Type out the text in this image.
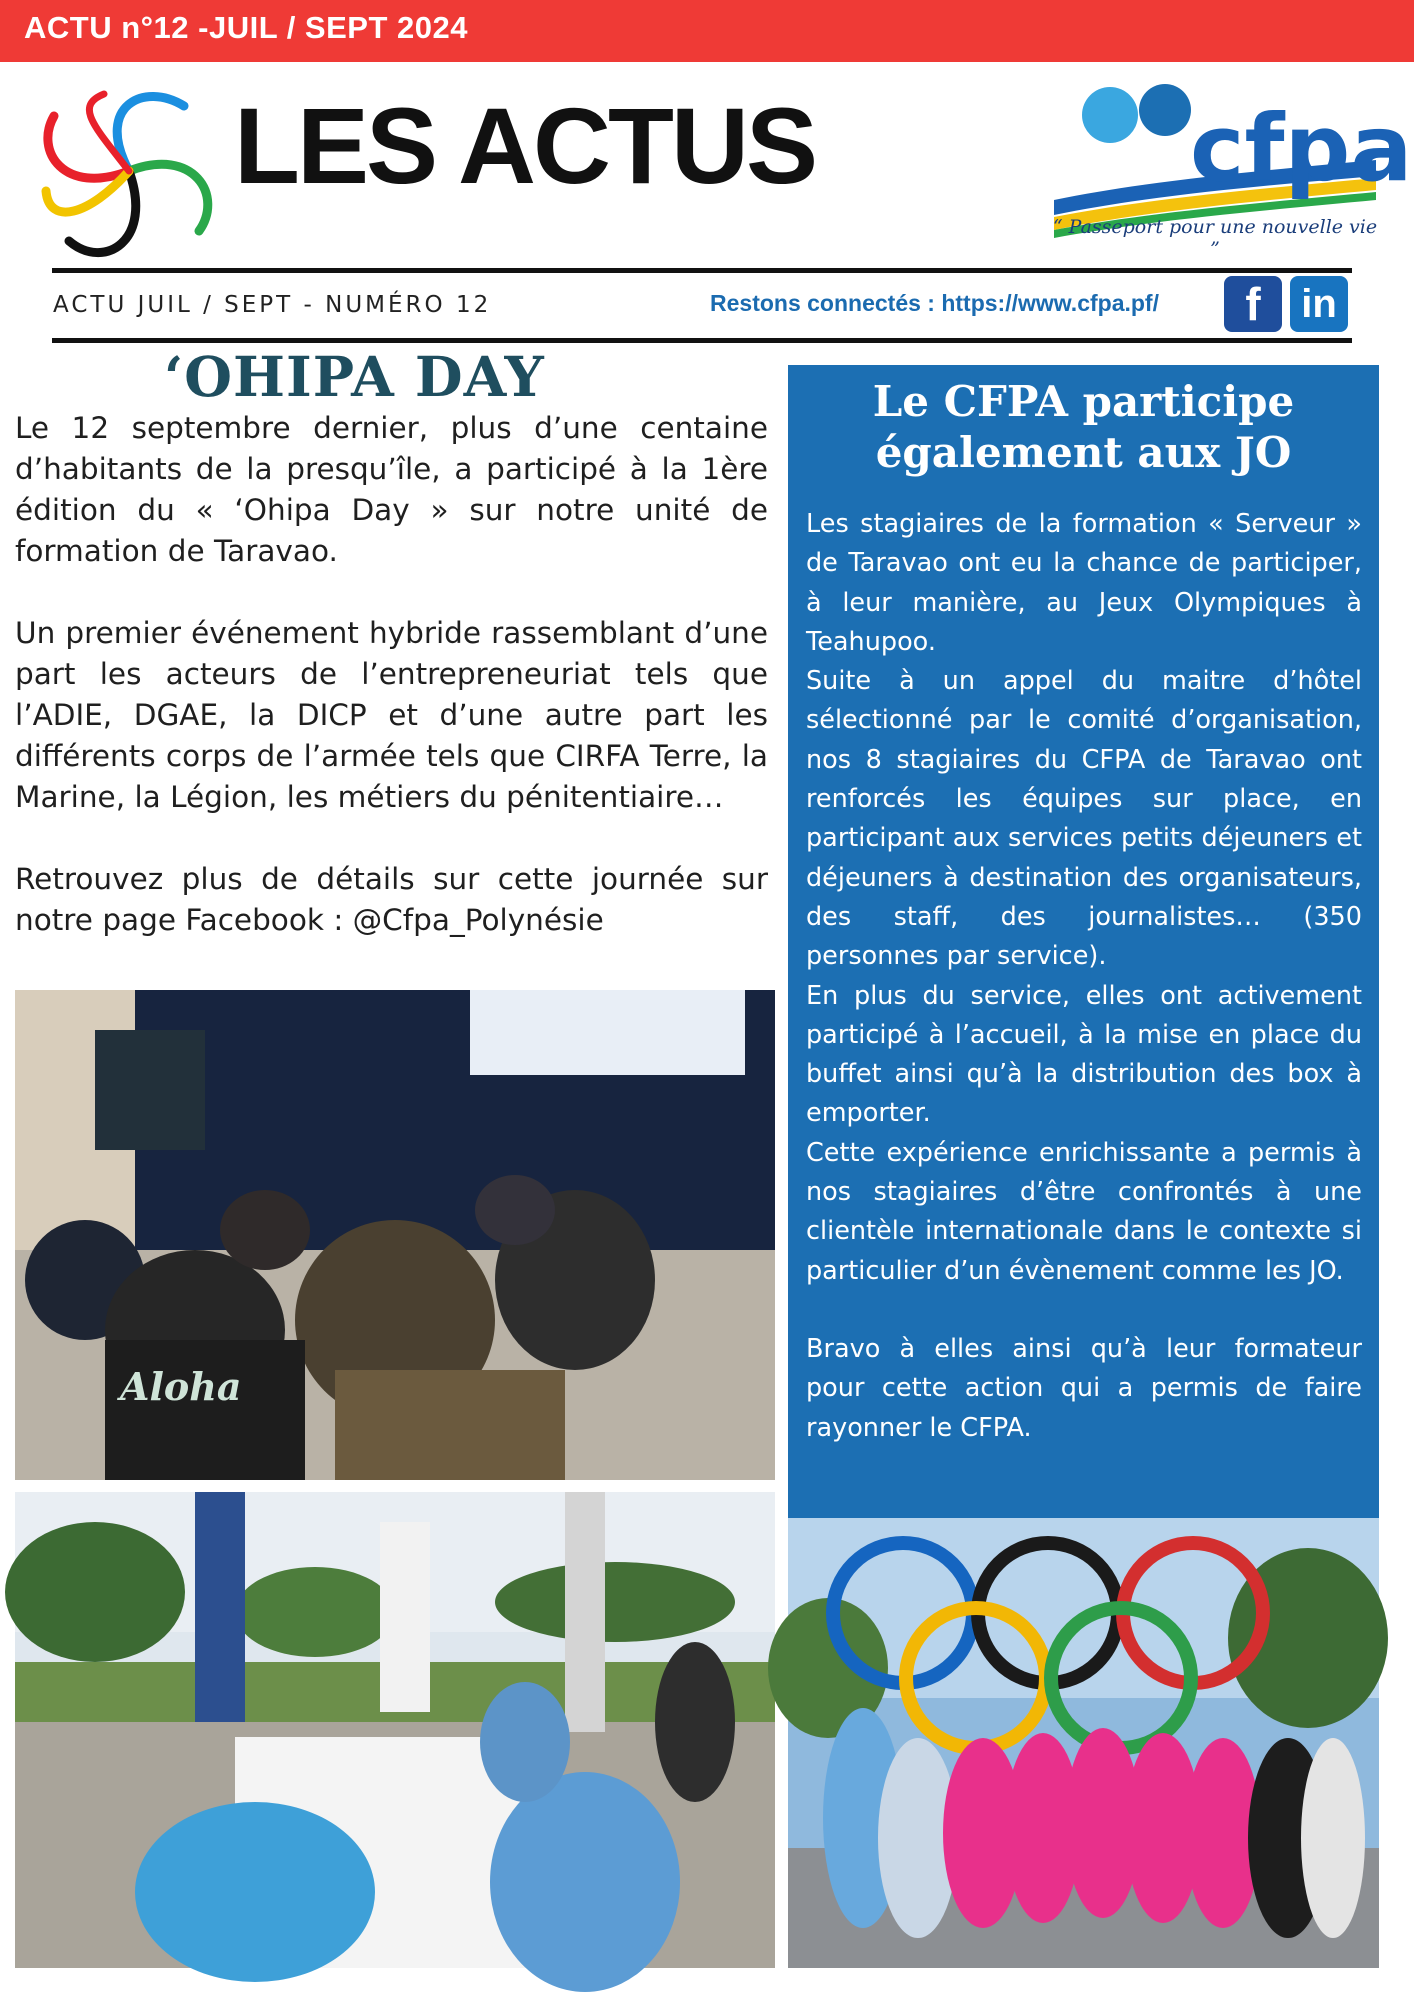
ACTU n°12 -JUIL / SEPT 2024
LES ACTUS	cfpa
“ Passeport pour une nouvelle vie ”
ACTU JUIL / SEPT - NUMÉRO 12	Restons connectés : https://www.cfpa.pf/	f	in
‘OHIPA DAY

Le 12 septembre dernier, plus d’une centaine d’habitants de la presqu’île, a participé à la 1ère édition du « ‘Ohipa Day » sur notre unité de formation de Taravao.

Un premier événement hybride rassemblant d’une part les acteurs de l’entrepreneuriat tels que l’ADIE, DGAE, la DICP et d’une autre part les différents corps de l’armée tels que CIRFA Terre, la Marine, la Légion, les métiers du pénitentiaire…

Retrouvez plus de détails sur cette journée sur notre page Facebook : @Cfpa_Polynésie

Aloha
Le CFPA participe également aux JO

Les stagiaires de la formation « Serveur » de Taravao ont eu la chance de participer, à leur manière, au Jeux Olympiques à Teahupoo.

Suite à un appel du maitre d’hôtel sélectionné par le comité d’organisation, nos 8 stagiaires du CFPA de Taravao ont renforcés les équipes sur place, en participant aux services petits déjeuners et déjeuners à destination des organisateurs, des staff, des journalistes… (350 personnes par service).

En plus du service, elles ont activement participé à l’accueil, à la mise en place du buffet ainsi qu’à la distribution des box à emporter.

Cette expérience enrichissante a permis à nos stagiaires d’être confrontés à une clientèle internationale dans le contexte si particulier d’un évènement comme les JO.

Bravo à elles ainsi qu’à leur formateur pour cette action qui a permis de faire rayonner le CFPA.
